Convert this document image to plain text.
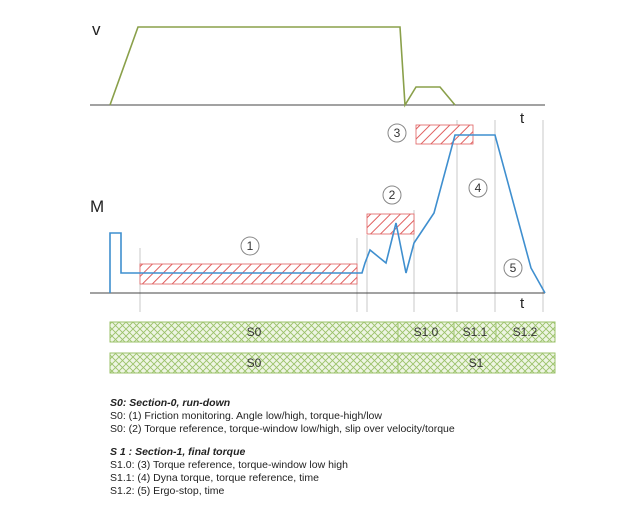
v
t
M
t
1
2
3
4
5
S0	S1.0 S1.1 S1.2
S0	S1
S0: Section-0, run-down
S0: (1) Friction monitoring. Angle low/high, torque-high/low
S0: (2) Torque reference, torque-window low/high, slip over velocity/torque
S 1 : Section-1, final torque
S1.0: (3) Torque reference, torque-window low high
S1.1: (4) Dyna torque, torque reference, time
S1.2: (5) Ergo-stop, time
